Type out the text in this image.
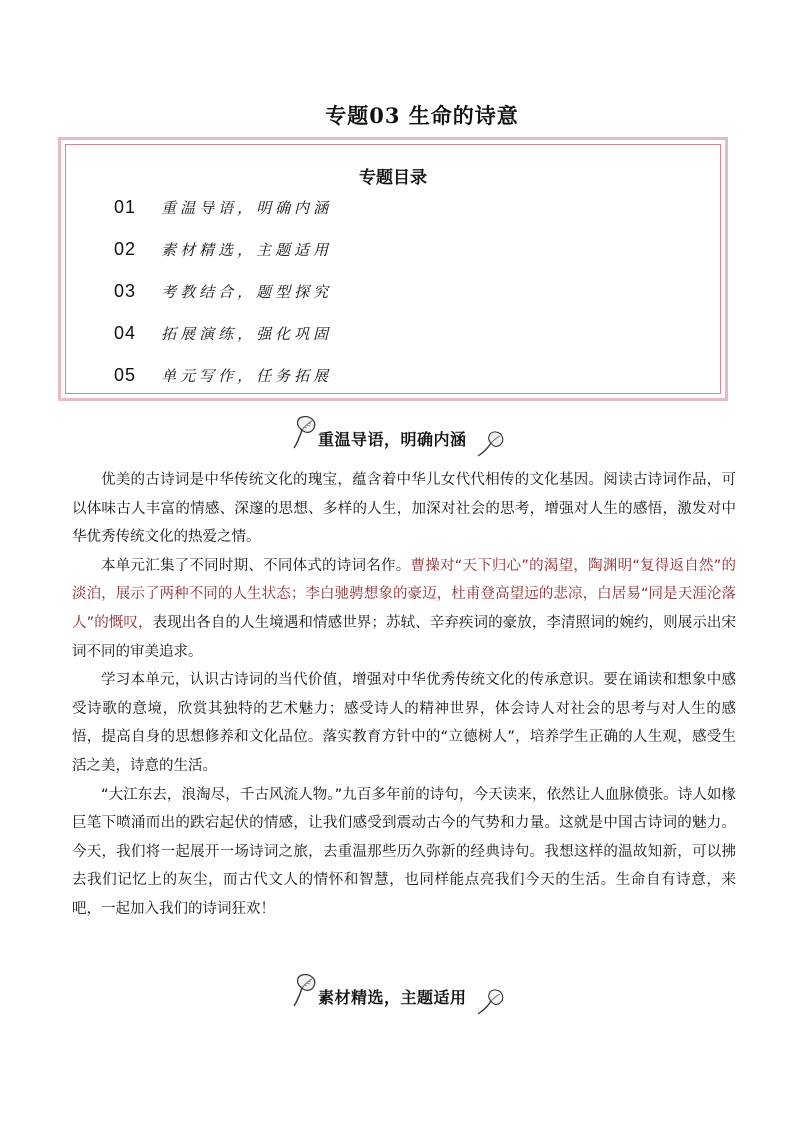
专题03 生命的诗意
专题目录
01 重温导语，明确内涵
02 素材精选，主题适用
03 考教结合，题型探究
04 拓展演练，强化巩固
05 单元写作，任务拓展
重温导语，明确内涵

优美的古诗词是中华传统文化的瑰宝，蕴含着中华儿女代代相传的文化基因。阅读古诗词作品，可以体味古人丰富的情感、深邃的思想、多样的人生，加深对社会的思考，增强对人生的感悟，激发对中华优秀传统文化的热爱之情。

本单元汇集了不同时期、不同体式的诗词名作。曹操对“天下归心”的渴望，陶渊明“复得返自然”的淡泊，展示了两种不同的人生状态；李白驰骋想象的豪迈，杜甫登高望远的悲凉，白居易“同是天涯沦落人”的慨叹，表现出各自的人生境遇和情感世界；苏轼、辛弃疾词的豪放，李清照词的婉约，则展示出宋词不同的审美追求。

学习本单元，认识古诗词的当代价值，增强对中华优秀传统文化的传承意识。要在诵读和想象中感受诗歌的意境，欣赏其独特的艺术魅力；感受诗人的精神世界，体会诗人对社会的思考与对人生的感悟，提高自身的思想修养和文化品位。落实教育方针中的“立德树人”，培养学生正确的人生观，感受生活之美，诗意的生活。

“大江东去，浪淘尽，千古风流人物。”九百多年前的诗句，今天读来，依然让人血脉偾张。诗人如椽巨笔下喷涌而出的跌宕起伏的情感，让我们感受到震动古今的气势和力量。这就是中国古诗词的魅力。今天，我们将一起展开一场诗词之旅，去重温那些历久弥新的经典诗句。我想这样的温故知新，可以拂去我们记忆上的灰尘，而古代文人的情怀和智慧，也同样能点亮我们今天的生活。生命自有诗意，来吧，一起加入我们的诗词狂欢！

素材精选，主题适用
